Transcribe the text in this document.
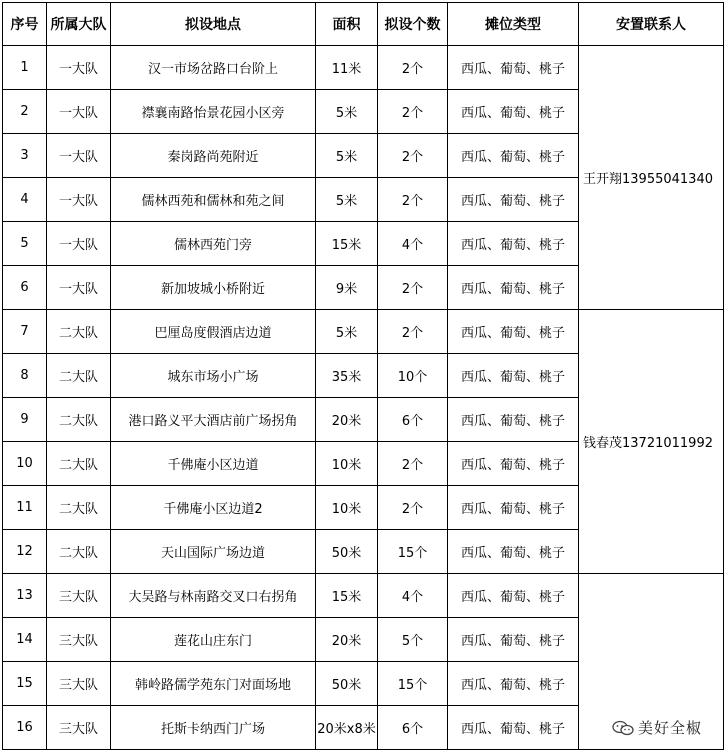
序号	所属大队	拟设地点	面积	拟设个数	摊位类型	安置联系人
1	一大队	汉一市场岔路口台阶上	11米	2个	西瓜、葡萄、桃子	王开翔13955041340
2	一大队	襟襄南路怡景花园小区旁	5米	2个	西瓜、葡萄、桃子	
3	一大队	秦岗路尚苑附近	5米	2个	西瓜、葡萄、桃子	
4	一大队	儒林西苑和儒林和苑之间	5米	2个	西瓜、葡萄、桃子	
5	一大队	儒林西苑门旁	15米	4个	西瓜、葡萄、桃子	
6	一大队	新加坡城小桥附近	9米	2个	西瓜、葡萄、桃子	
7	二大队	巴厘岛度假酒店边道	5米	2个	西瓜、葡萄、桃子	钱春茂13721011992
8	二大队	城东市场小广场	35米	10个	西瓜、葡萄、桃子	
9	二大队	港口路义平大酒店前广场拐角	20米	6个	西瓜、葡萄、桃子	
10	二大队	千佛庵小区边道	10米	2个	西瓜、葡萄、桃子	
11	二大队	千佛庵小区边道2	10米	2个	西瓜、葡萄、桃子	
12	二大队	天山国际广场边道	50米	15个	西瓜、葡萄、桃子	
13	三大队	大吴路与林南路交叉口右拐角	15米	4个	西瓜、葡萄、桃子	
14	三大队	莲花山庄东门	20米	5个	西瓜、葡萄、桃子	
15	三大队	韩岭路儒学苑东门对面场地	50米	15个	西瓜、葡萄、桃子	
16	三大队	托斯卡纳西门广场	20米x8米	6个	西瓜、葡萄、桃子		美好全椒
